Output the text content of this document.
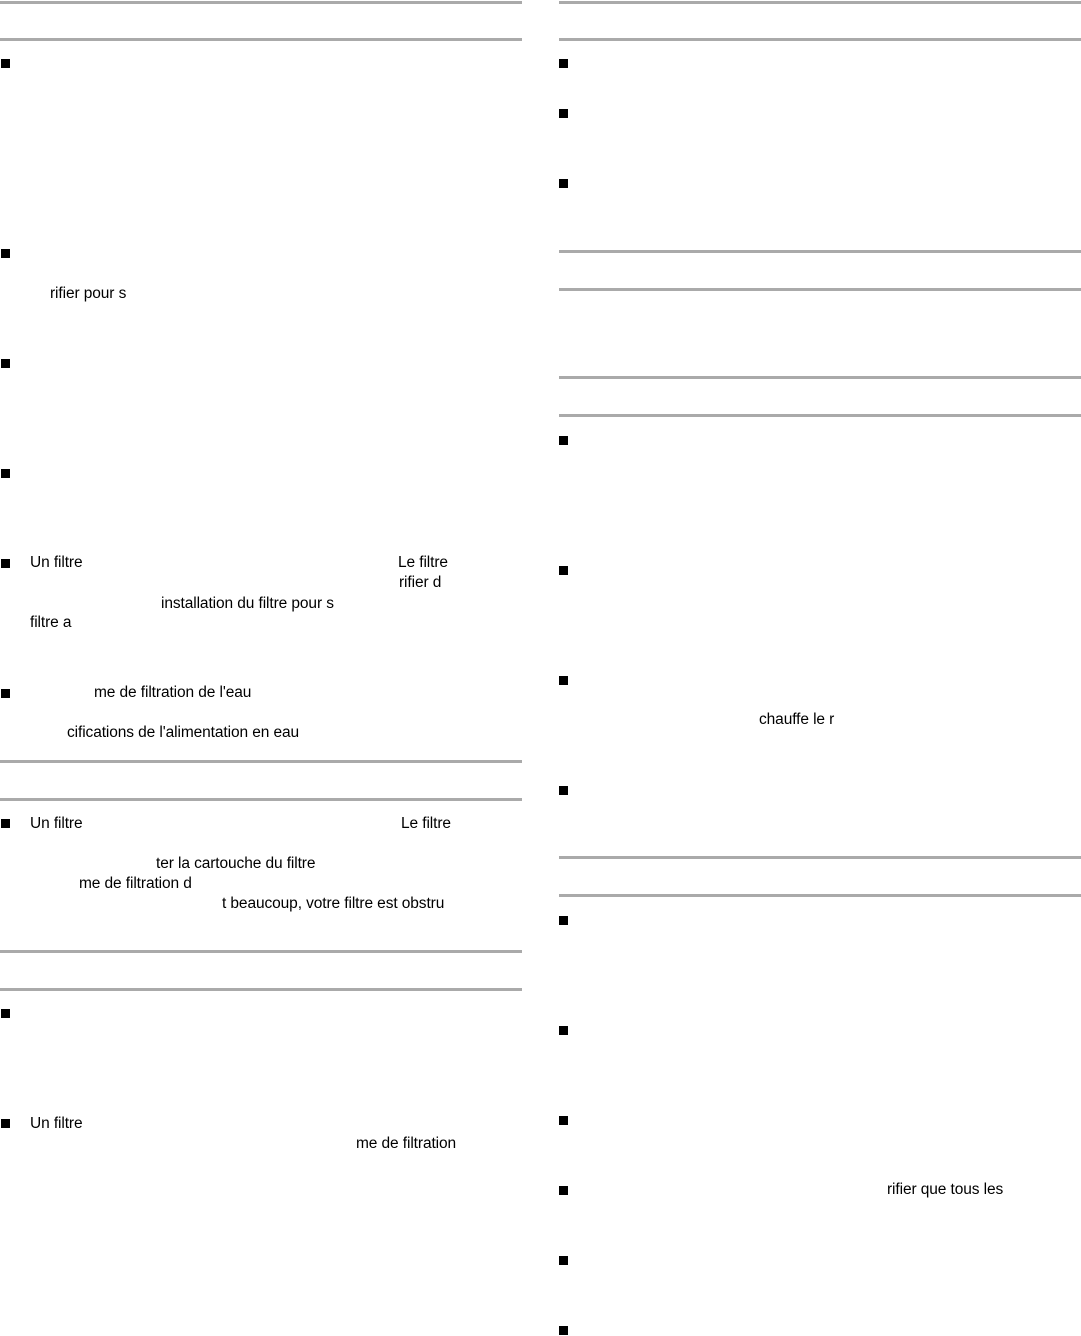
rifier pour s
Un filtre	Le filtre
rifier d
installation du filtre pour s
filtre a
me de filtration de l'eau
cifications de l'alimentation en eau
Un filtre	Le filtre
ter la cartouche du filtre
me de filtration d
t beaucoup, votre filtre est obstru
Un filtre
me de filtration
chauffe le r
rifier que tous les
